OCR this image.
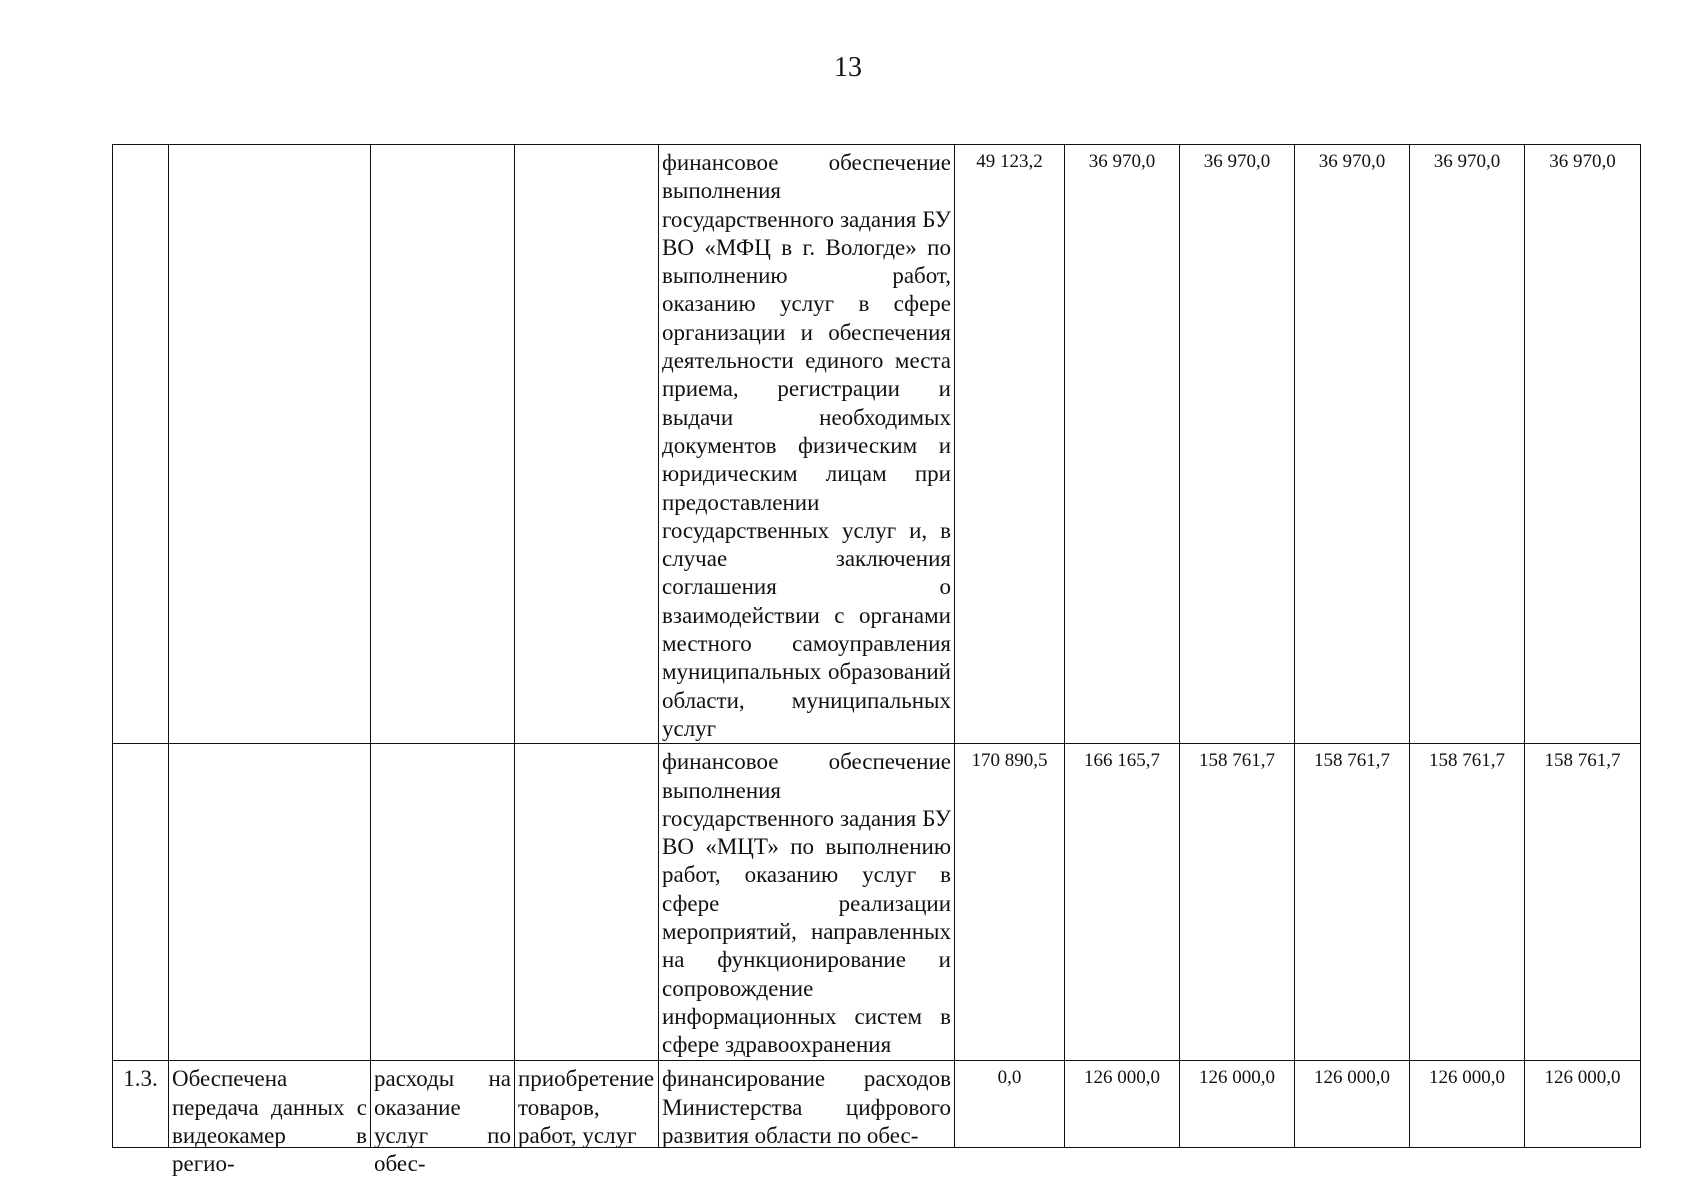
13
				финансовое обеспечение выполнения государственного задания БУ ВО «МФЦ в г. Вологде» по выполнению работ, оказанию услуг в сфере организации и обеспечения деятельности единого места приема, регистрации и выдачи необходимых документов физическим и юридическим лицам при предоставлении государственных услуг и, в случае заключения соглашения о взаимодействии с органами местного самоуправления муниципальных образований области, муниципальных услуг	49 123,2	36 970,0	36 970,0	36 970,0	36 970,0	36 970,0
				финансовое обеспечение выполнения государственного задания БУ ВО «МЦТ» по выполнению работ, оказанию услуг в сфере реализации мероприятий, направленных на функционирование и сопровождение информационных систем в сфере здравоохранения	170 890,5	166 165,7	158 761,7	158 761,7	158 761,7	158 761,7
1.3.	Обеспечена передача данных с видеокамер в регио-	расходы на оказание услуг по обес-	приобретение товаров, работ, услуг	финансирование расходов Министерства цифрового развития области по обес-	0,0	126 000,0	126 000,0	126 000,0	126 000,0	126 000,0
